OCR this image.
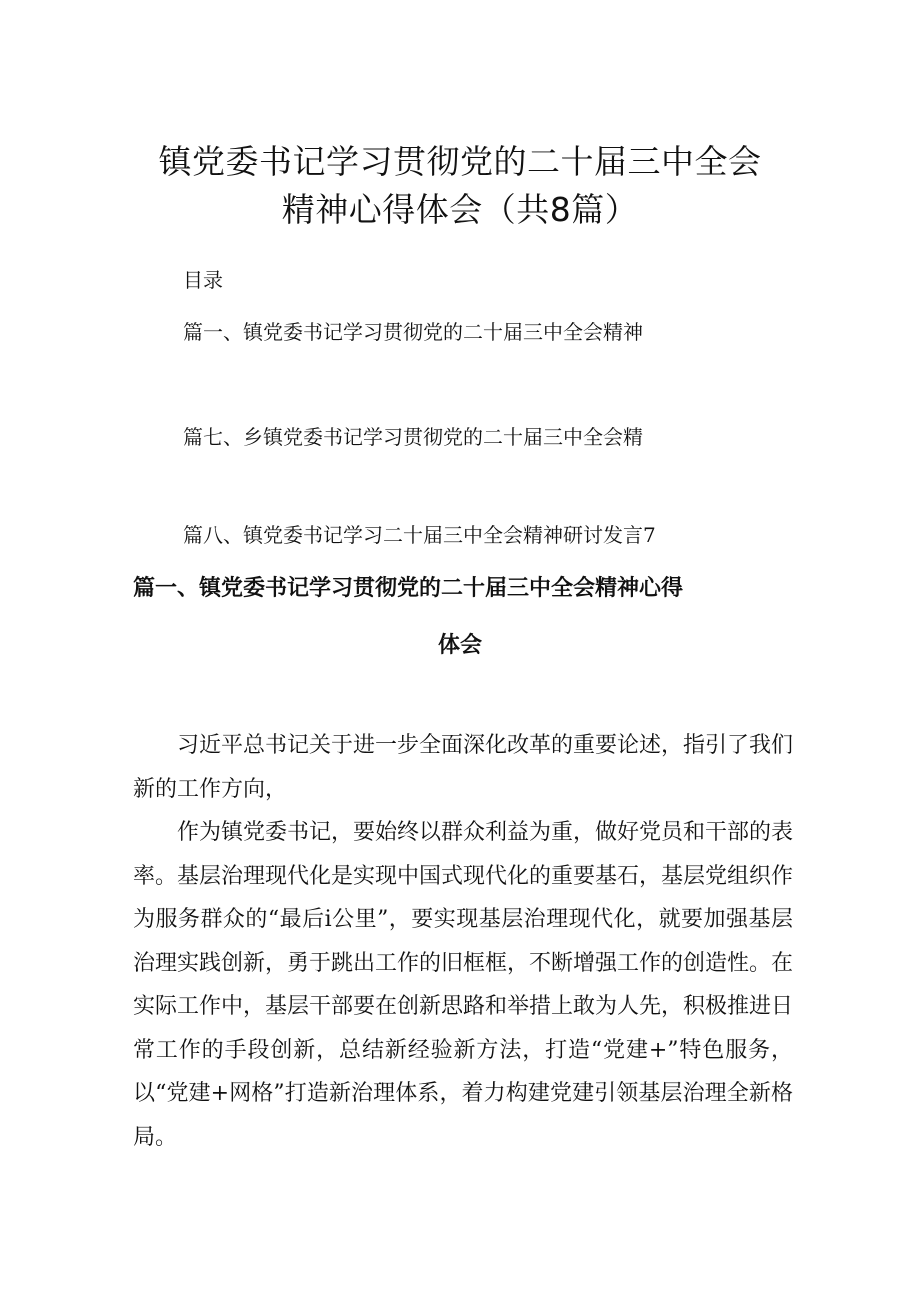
镇党委书记学习贯彻党的二十届三中全会
精神心得体会（共8篇）
目录
篇一、镇党委书记学习贯彻党的二十届三中全会精神
篇七、乡镇党委书记学习贯彻党的二十届三中全会精
篇八、镇党委书记学习二十届三中全会精神研讨发言7
篇一、镇党委书记学习贯彻党的二十届三中全会精神心得
体会
习近平总书记关于进一步全面深化改革的重要论述，指引了我们新的工作方向，
作为镇党委书记，要始终以群众利益为重，做好党员和干部的表率。基层治理现代化是实现中国式现代化的重要基石，基层党组织作为服务群众的“最后i公里”，要实现基层治理现代化，就要加强基层治理实践创新，勇于跳出工作的旧框框，不断增强工作的创造性。在实际工作中，基层干部要在创新思路和举措上敢为人先，积极推进日常工作的手段创新，总结新经验新方法，打造“党建+”特色服务，以“党建+网格”打造新治理体系，着力构建党建引领基层治理全新格局。
